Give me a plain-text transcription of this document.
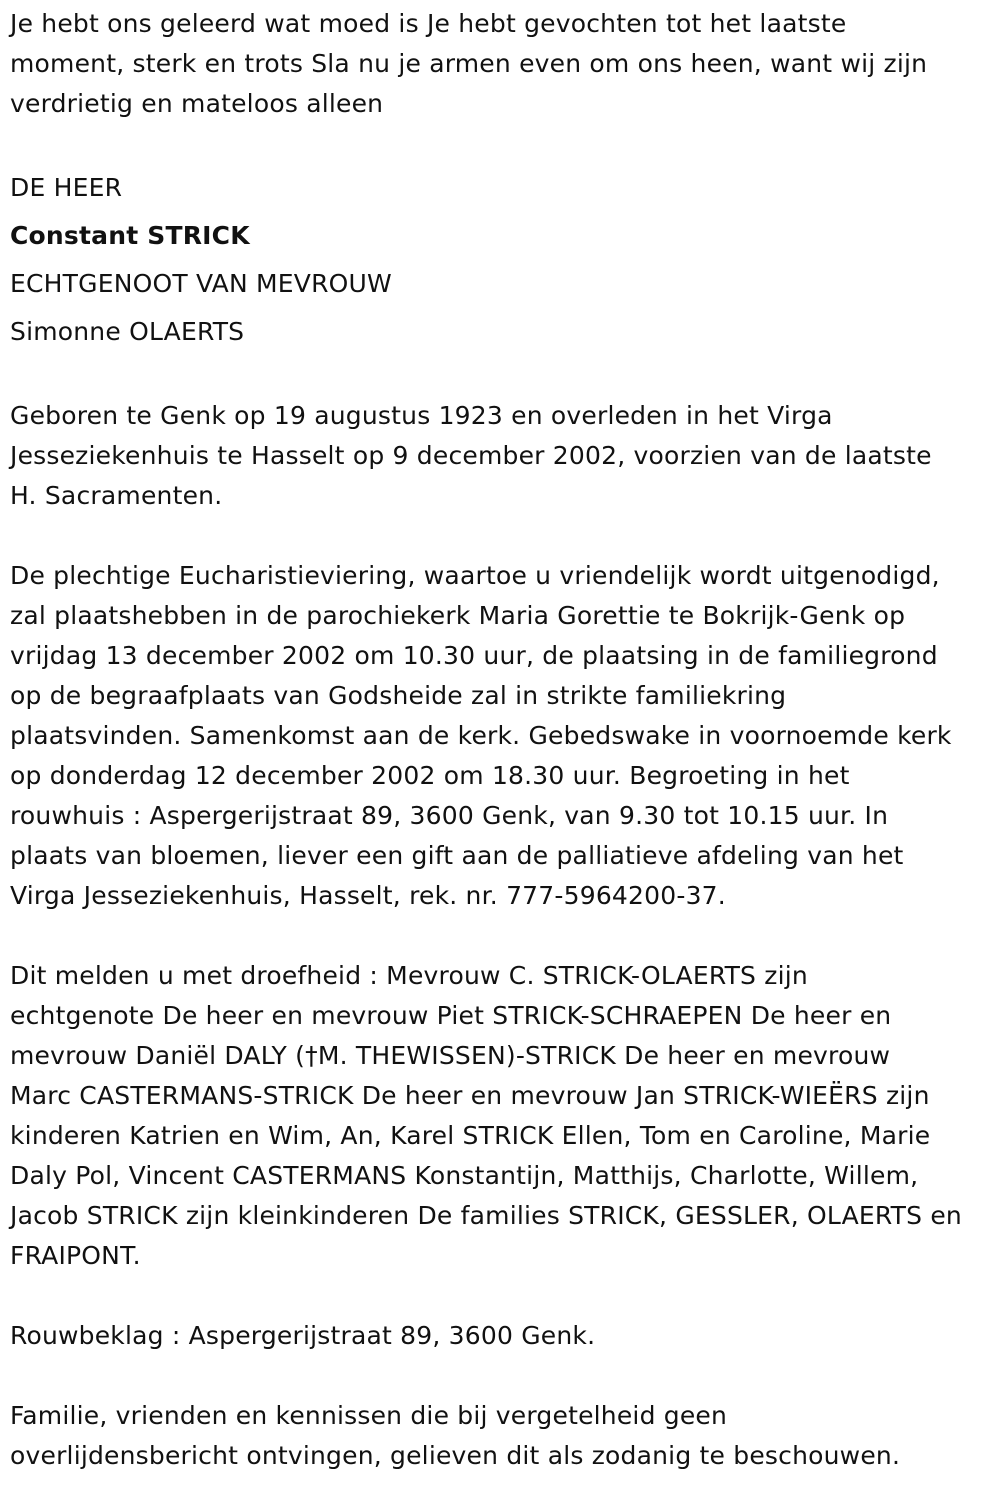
Je hebt ons geleerd wat moed is Je hebt gevochten tot het laatste
moment, sterk en trots Sla nu je armen even om ons heen, want wij zijn
verdrietig en mateloos alleen

DE HEER

Constant STRICK

ECHTGENOOT VAN MEVROUW

Simonne OLAERTS

Geboren te Genk op 19 augustus 1923 en overleden in het Virga
Jesseziekenhuis te Hasselt op 9 december 2002, voorzien van de laatste
H. Sacramenten.
De plechtige Eucharistieviering, waartoe u vriendelijk wordt uitgenodigd,
zal plaatshebben in de parochiekerk Maria Gorettie te Bokrijk-Genk op
vrijdag 13 december 2002 om 10.30 uur, de plaatsing in de familiegrond
op de begraafplaats van Godsheide zal in strikte familiekring
plaatsvinden. Samenkomst aan de kerk. Gebedswake in voornoemde kerk
op donderdag 12 december 2002 om 18.30 uur. Begroeting in het
rouwhuis : Aspergerijstraat 89, 3600 Genk, van 9.30 tot 10.15 uur. In
plaats van bloemen, liever een gift aan de palliatieve afdeling van het
Virga Jesseziekenhuis, Hasselt, rek. nr. 777-5964200-37.
Dit melden u met droefheid : Mevrouw C. STRICK-OLAERTS zijn
echtgenote De heer en mevrouw Piet STRICK-SCHRAEPEN De heer en
mevrouw Daniël DALY (†M. THEWISSEN)-STRICK De heer en mevrouw
Marc CASTERMANS-STRICK De heer en mevrouw Jan STRICK-WIEËRS zijn
kinderen Katrien en Wim, An, Karel STRICK Ellen, Tom en Caroline, Marie
Daly Pol, Vincent CASTERMANS Konstantijn, Matthijs, Charlotte, Willem,
Jacob STRICK zijn kleinkinderen De families STRICK, GESSLER, OLAERTS en
FRAIPONT.
Rouwbeklag : Aspergerijstraat 89, 3600 Genk.
Familie, vrienden en kennissen die bij vergetelheid geen
overlijdensbericht ontvingen, gelieven dit als zodanig te beschouwen.
